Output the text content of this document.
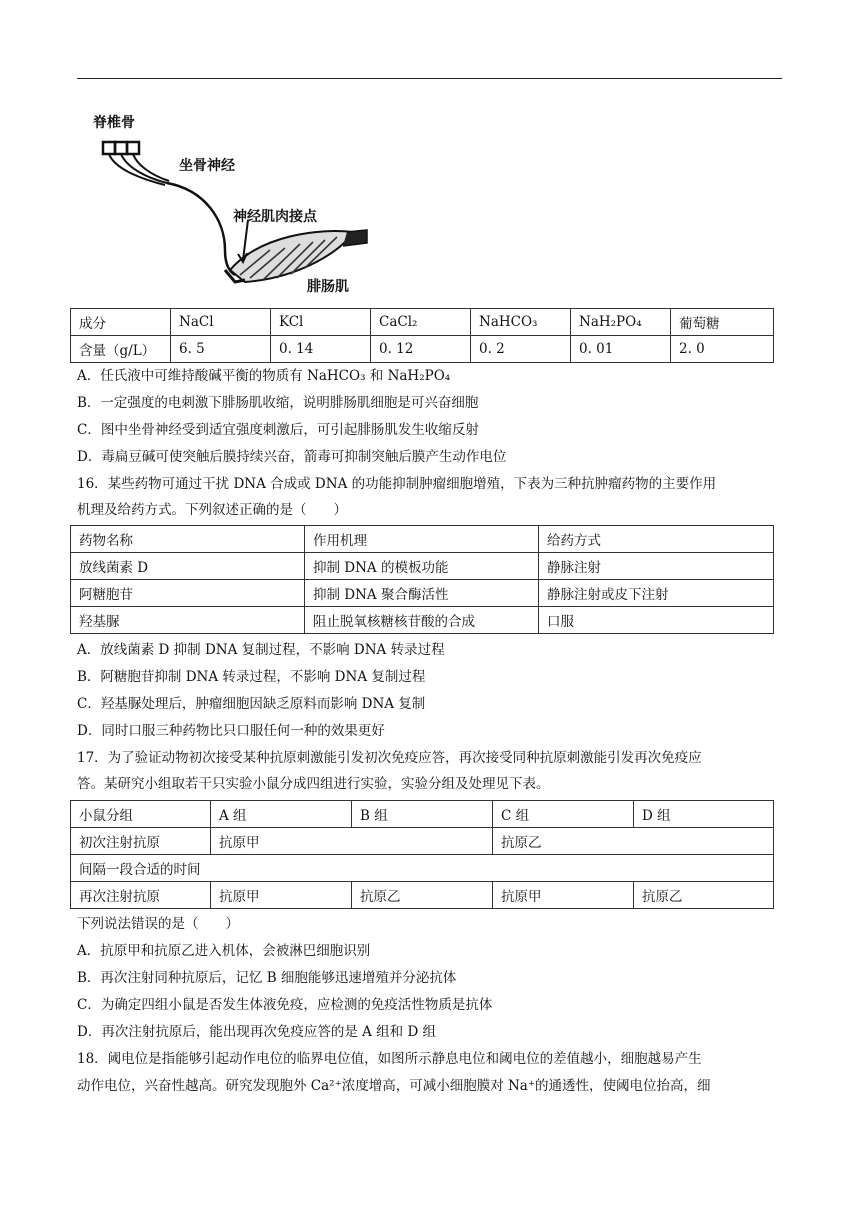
脊椎骨
坐骨神经
神经肌肉接点
腓肠肌
成分	NaCl	KCl	CaCl₂	NaHCO₃	NaH₂PO₄	葡萄糖
含量（g/L）	6. 5	0. 14	0. 12	0. 2	0. 01	2. 0
A．任氏液中可维持酸碱平衡的物质有 NaHCO₃ 和 NaH₂PO₄
B．一定强度的电刺激下腓肠肌收缩，说明腓肠肌细胞是可兴奋细胞
C．图中坐骨神经受到适宜强度刺激后，可引起腓肠肌发生收缩反射
D．毒扁豆碱可使突触后膜持续兴奋，箭毒可抑制突触后膜产生动作电位
16．某些药物可通过干扰 DNA 合成或 DNA 的功能抑制肿瘤细胞增殖，下表为三种抗肿瘤药物的主要作用
机理及给药方式。下列叙述正确的是（　　）
药物名称	作用机理	给药方式
放线菌素 D	抑制 DNA 的模板功能	静脉注射
阿糖胞苷	抑制 DNA 聚合酶活性	静脉注射或皮下注射
羟基脲	阻止脱氧核糖核苷酸的合成	口服
A．放线菌素 D 抑制 DNA 复制过程，不影响 DNA 转录过程
B．阿糖胞苷抑制 DNA 转录过程，不影响 DNA 复制过程
C．羟基脲处理后，肿瘤细胞因缺乏原料而影响 DNA 复制
D．同时口服三种药物比只口服任何一种的效果更好
17．为了验证动物初次接受某种抗原刺激能引发初次免疫应答，再次接受同种抗原刺激能引发再次免疫应
答。某研究小组取若干只实验小鼠分成四组进行实验，实验分组及处理见下表。
小鼠分组	A 组	B 组	C 组	D 组
初次注射抗原	抗原甲		抗原乙	
间隔一段合适的时间				
再次注射抗原	抗原甲	抗原乙	抗原甲	抗原乙
下列说法错误的是（　　）
A．抗原甲和抗原乙进入机体，会被淋巴细胞识别
B．再次注射同种抗原后，记忆 B 细胞能够迅速增殖并分泌抗体
C．为确定四组小鼠是否发生体液免疫，应检测的免疫活性物质是抗体
D．再次注射抗原后，能出现再次免疫应答的是 A 组和 D 组
18．阈电位是指能够引起动作电位的临界电位值，如图所示静息电位和阈电位的差值越小，细胞越易产生
动作电位，兴奋性越高。研究发现胞外 Ca²⁺浓度增高，可减小细胞膜对 Na⁺的通透性，使阈电位抬高，细
